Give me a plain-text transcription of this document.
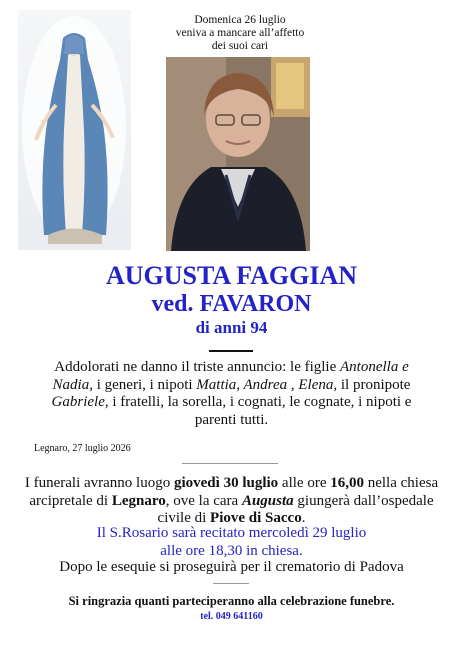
Domenica 26 luglio
veniva a mancare all’affetto
dei suoi cari
AUGUSTA FAGGIAN
ved. FAVARON
di anni 94
Addolorati ne danno il triste annuncio: le figlie Antonella e Nadia, i generi, i nipoti Mattia, Andrea , Elena, il pronipote Gabriele, i fratelli, la sorella, i cognati, le cognate, i nipoti e parenti tutti.
Legnaro, 27 luglio 2026
I funerali avranno luogo giovedì 30 luglio alle ore 16,00 nella chiesa arcipretale di Legnaro, ove la cara Augusta giungerà dall’ospedale civile di Piove di Sacco.
Il S.Rosario sarà recitato mercoledì 29 luglio
alle ore 18,30 in chiesa.
Dopo le esequie si proseguirà per il crematorio di Padova
Si ringrazia quanti parteciperanno alla celebrazione funebre.
tel. 049 641160
